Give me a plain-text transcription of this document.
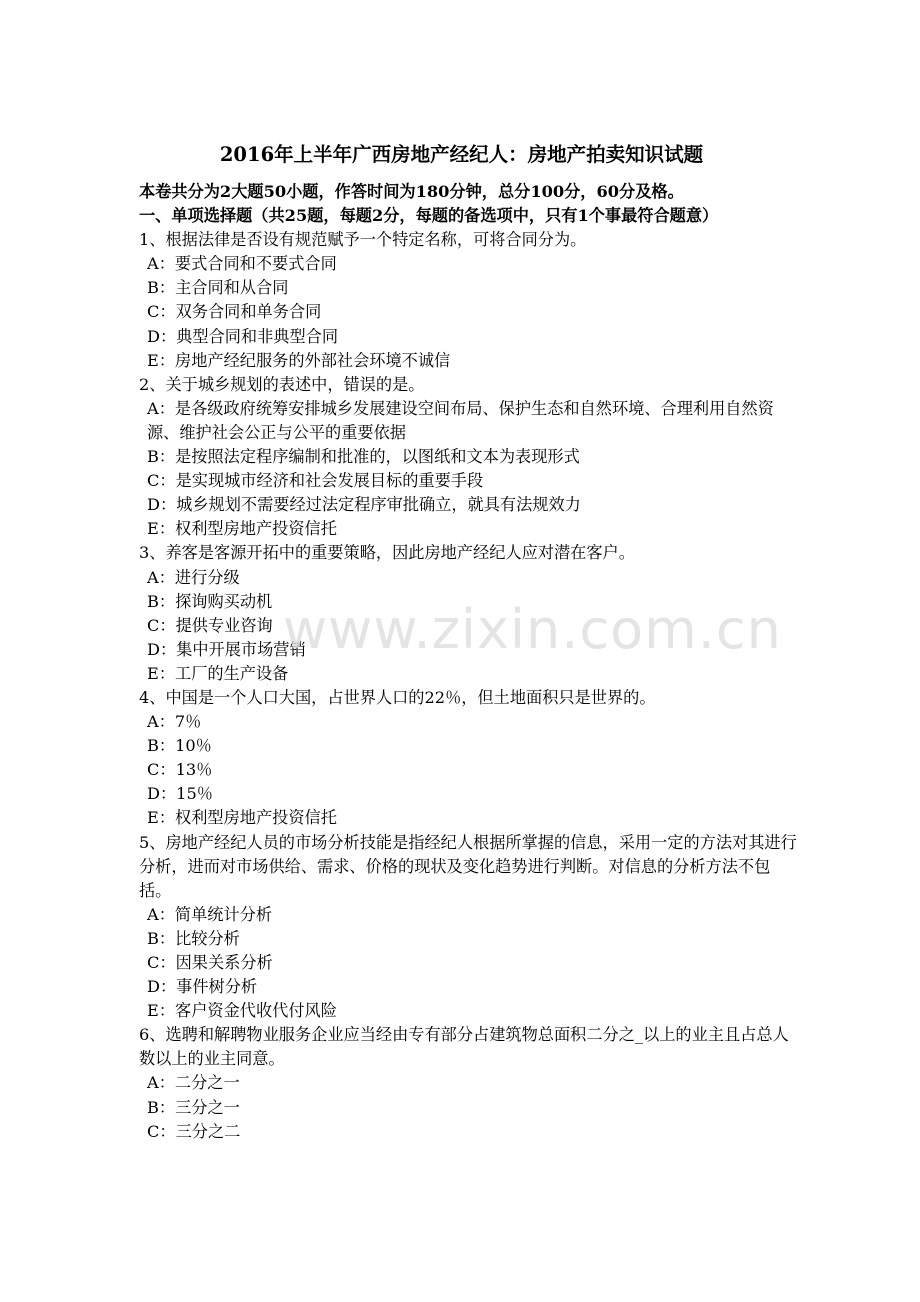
2016年上半年广西房地产经纪人：房地产拍卖知识试题
本卷共分为2大题50小题，作答时间为180分钟，总分100分，60分及格。
一、单项选择题（共25题，每题2分，每题的备选项中，只有1个事最符合题意）
1、根据法律是否设有规范赋予一个特定名称，可将合同分为。
A：要式合同和不要式合同
B：主合同和从合同
C：双务合同和单务合同
D：典型合同和非典型合同
E：房地产经纪服务的外部社会环境不诚信
2、关于城乡规划的表述中，错误的是。
A：是各级政府统筹安排城乡发展建设空间布局、保护生态和自然环境、合理利用自然资源、维护社会公正与公平的重要依据
B：是按照法定程序编制和批准的，以图纸和文本为表现形式
C：是实现城市经济和社会发展目标的重要手段
D：城乡规划不需要经过法定程序审批确立，就具有法规效力
E：权利型房地产投资信托
3、养客是客源开拓中的重要策略，因此房地产经纪人应对潜在客户。
A：进行分级
B：探询购买动机
C：提供专业咨询
D：集中开展市场营销
E：工厂的生产设备
4、中国是一个人口大国，占世界人口的22％，但土地面积只是世界的。
A：7％
B：10％
C：13％
D：15％
E：权利型房地产投资信托
5、房地产经纪人员的市场分析技能是指经纪人根据所掌握的信息，采用一定的方法对其进行分析，进而对市场供给、需求、价格的现状及变化趋势进行判断。对信息的分析方法不包括。
A：简单统计分析
B：比较分析
C：因果关系分析
D：事件树分析
E：客户资金代收代付风险
6、选聘和解聘物业服务企业应当经由专有部分占建筑物总面积二分之_以上的业主且占总人数以上的业主同意。
A：二分之一
B：三分之一
C：三分之二
www.zixin.com.cn
